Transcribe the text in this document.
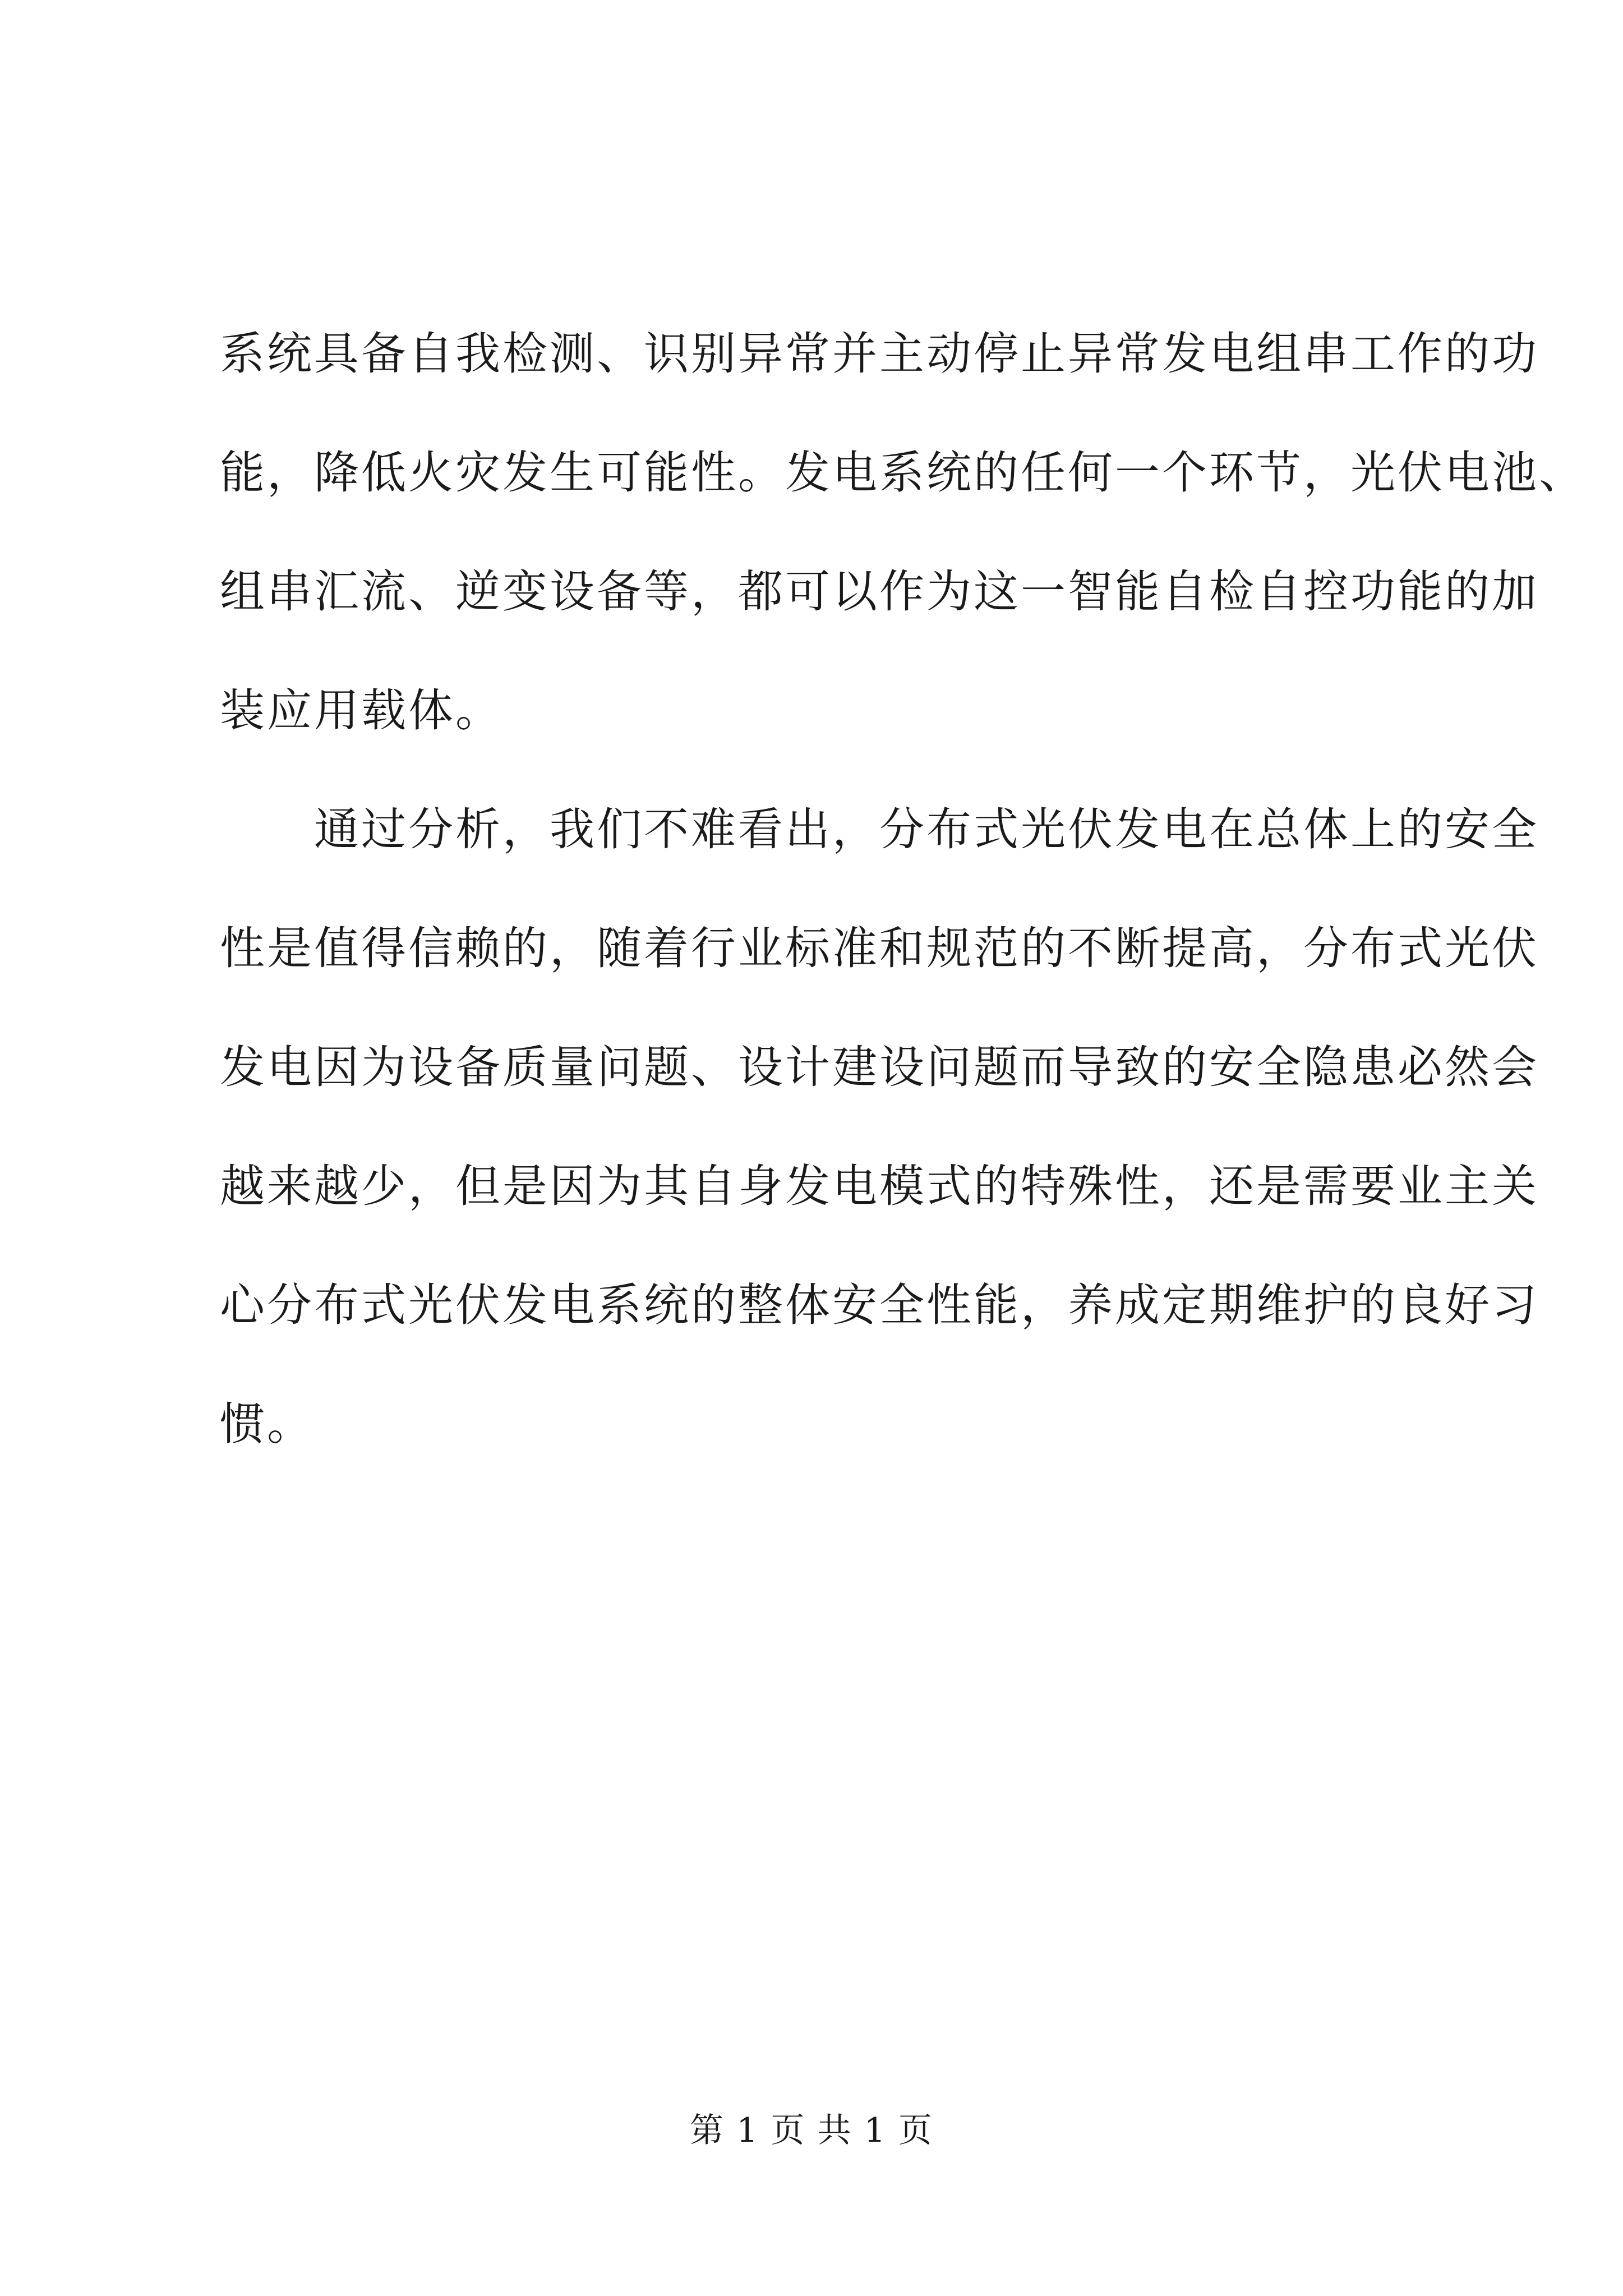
系统具备自我检测、识别异常并主动停止异常发电组串工作的功
能，降低火灾发生可能性。发电系统的任何一个环节，光伏电池、
组串汇流、逆变设备等，都可以作为这一智能自检自控功能的加
装应用载体。
通过分析，我们不难看出，分布式光伏发电在总体上的安全
性是值得信赖的，随着行业标准和规范的不断提高，分布式光伏
发电因为设备质量问题、设计建设问题而导致的安全隐患必然会
越来越少，但是因为其自身发电模式的特殊性，还是需要业主关
心分布式光伏发电系统的整体安全性能，养成定期维护的良好习
惯。
第 1 页 共 1 页
